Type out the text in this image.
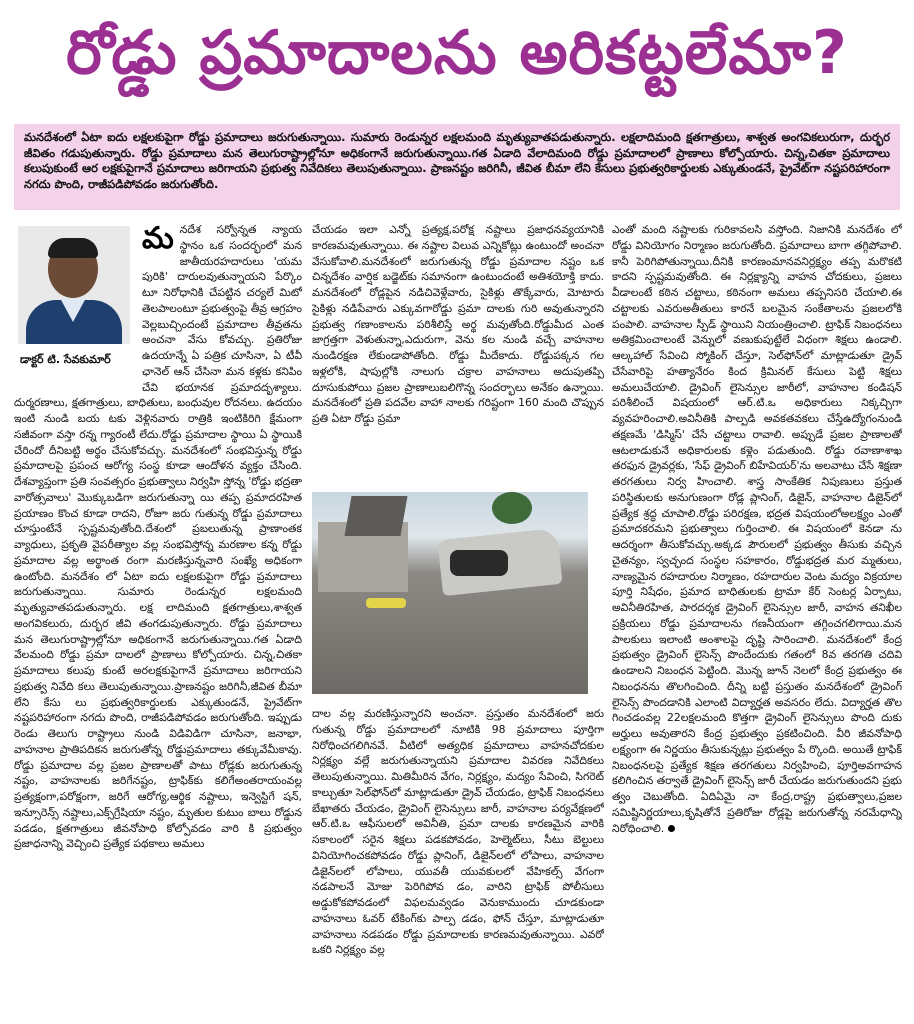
రోడ్డు ప్రమాదాలను అరికట్టలేమా?
మనదేశంలో ఏటా ఐదు లక్షలకుపైగా రోడ్డు ప్రమాదాలు జరుగుతున్నాయి. సుమారు రెండున్నర లక్షలమంది మృత్యువాతపడుతున్నారు. లక్షలాదిమంది క్షతగాత్రులు, శాశ్వత అంగవికలురుగా, దుర్భర జీవితం గడుపుతున్నారు. రోడ్డు ప్రమాదాలు మన తెలుగురాష్ట్రాల్లోనూ అధికంగానే జరుగుతున్నాయి.గత ఏడాది వేలాదిమంది రోడ్డు ప్రమాదాలలో ప్రాణాలు కోల్పోయారు. చిన్న,చితకా ప్రమాదాలు కలుపుకుంటే ఆర లక్షకుపైగానే ప్రమాదాలు జరిగాయని ప్రభుత్వ నివేదికలు తెలుపుతున్నాయి. ప్రాణనష్టం జరిగినీ, జీవిత బీమా లేని కేసులు ప్రభుత్వరికార్డులకు ఎక్కుతుండనే, ప్రైవేట్‌గా నష్టపరిహారంగా నగదు పొంది, రాజీపడిపోవడం జరుగుతోంది.
డాక్టర్ టి. సేవకుమార్
మ నదేశ సర్వోన్నత న్యాయ స్థానం ఒక సందర్భంలో మన జాతీయరహదారులు 'యమ పురికి' దారులవుతున్నాయని పేర్కొం టూ నిరోధానికి చేపట్టిన చర్యలే మిటో తెలపాలంటూ ప్రభుత్వంపై తీవ్ర ఆగ్రహం వెల్లబుచ్చిందంటే ప్రమాదాల తీవ్రతను అంచనా వేసు కోవచ్చు. ప్రతిరోజు ఉదయాన్నే ఏ పత్రిక చూసినా, ఏ టీవీ ఛానెల్ ఆన్ చేసినా మన కళ్లకు కనిపిం చేవి భయానక ప్రమాదదృశ్యాలు. దుర్మరణాలు, క్షతగాత్రులు, బాధితులు, బంధువుల రోదనలు. ఉదయం ఇంటి నుండి బయ టకు వెళ్లినవారు రాత్రికి ఇంటికిరిగి క్షేమంగా సజీవంగా వస్తా రన్న గ్యారంటీ లేదు.రోడ్డు ప్రమాదాల స్థాయి ఏ స్థాయికి చేరిందో దీనిబట్టి అర్థం చేసుకోవచ్చు. మనదేశంలో సంభవిస్తున్న రోడ్డు ప్రమాదాలపై ప్రపంచ ఆరోగ్య సంస్థ కూడా ఆందోళన వ్యక్తం చేసింది. దేశవ్యాప్తంగా ప్రతి సంవత్సరం ప్రభుత్వాలు నిర్వహి స్తోన్న 'రోడ్డు భద్రతా వారోత్సవాలు' మొక్కుబడిగా జరుగుతున్నా యి తప్ప ప్రమాదరహిత ప్రయాణం కొంచ కూడా రాదని, రోజూ జరు గుతున్న రోడ్డు ప్రమాదాలు చూస్తుంటేనే స్పష్టమవుతోంది.దేశంలో ప్రబలుతున్న ప్రాణాంతక వ్యాధులు, ప్రకృతి వైపరీత్యాల వల్ల సంభవిస్తోన్న మరణాల కన్న రోడ్డు ప్రమాదాల వల్ల అర్థాంత రంగా మరణిస్తున్నవారి సంఖ్యే అధికంగా ఉంటోంది. మనదేశం లో ఏటా ఐదు లక్షలకుపైగా రోడ్డు ప్రమాదాలు జరుగుతున్నాయి. సుమారు రెండున్నర లక్షలమంది మృత్యువాతపడుతున్నారు. లక్ష లాదిమంది క్షతగాత్రులు,శాశ్వత అంగవికలురు, దుర్భర జీవి తంగడుపుతున్నారు. రోడ్డు ప్రమాదాలు మన తెలుగురాష్ట్రాల్లోనూ అధికంగానే జరుగుతున్నాయి.గత ఏడాది వేలమంది రోడ్డు ప్రమా దాలలో ప్రాణాలు కోల్పోయారు. చిన్న,చితకా ప్రమాదాలు కలుపు కుంటే అరలక్షకుపైగానే ప్రమాదాలు జరిగాయని ప్రభుత్వ నివేది కలు తెలుపుతున్నాయి.ప్రాణనష్టం జరిగినీ,జీవిత బీమా లేని కేసు లు ప్రభుత్వరికార్డులకు ఎక్కుతుండనే, ప్రైవేట్‌గా నష్టపరిహారంగా నగదు పొంది, రాజీపడిపోవడం జరుగుతోంది. ఇప్పుడు రెండు తెలుగు రాష్ట్రాలు నుండి విడివిడిగా చూసినా, జనాభా, వాహనాల ప్రాతిపదికన జరుగుతోన్న రోడ్డుప్రమాదాలు తక్కువేమీకావు. రోడ్డు ప్రమాదాల వల్ల ప్రజల ప్రాణాలతో పాటు రోడ్లకు జరుగుతున్న నష్టం, వాహనాలకు జరిగేనష్టం, ట్రాఫిక్‌కు కలిగేఅంతరాయంవల్ల ప్రత్యక్షంగా,పరోక్షంగా, జరిగే ఆరోగ్య,ఆర్థిక నష్టాలు, ఇన్వెస్టిగే షన్, ఇన్సూరెన్స్ నష్టాలు,ఎక్స్‌గ్రేషియా నష్టం, మృతుల కుటుం బాలు రోడ్డున పడడం, క్షతగాత్రులు జీవనోపాధి కోల్పోవడం వారి కి ప్రభుత్వం ప్రజాధనాన్ని వెచ్చించి ప్రత్యేక పథకాలు అమలు
చేయడం ఇలా ఎన్నో ప్రత్యక్ష,పరోక్ష నష్టాలు ప్రజాధనవ్యయానికి కారణమవుతున్నాయి. ఈ నష్టాల విలువ ఎన్నికోట్లు ఉంటుందో అంచనా వేసుకోవాలి.మనదేశంలో జరుగుతున్న రోడ్డు ప్రమాదాల నష్టం ఒక చిన్నదేశం వార్షిక బడ్జెట్‌కు సమానంగా ఉంటుందంటే అతిశయోక్తి కాదు. మనదేశంలో రోడ్లపైన నడిచివెళ్లేవారు, సైకిళ్లు తొక్కేవారు, మోటారు సైకిళ్లు నడిపేవారు ఎక్కువగారోడ్డు ప్రమా దాలకు గురి అవుతున్నారని ప్రభుత్వ గణాంకాలను పరిశీలిస్తే అర్థ మవుతోంది.రోడ్డుమీద ఎంత జాగ్రత్తగా వెళుతున్నా,ఎదురుగా, వెను కల నుండి వచ్చే వాహనాల నుండిరక్షణ లేకుండాపోతోంది. రోడ్డు మీదేకాదు. రోడ్డుపక్కన గల ఇళ్లలోకి, షాపుల్లోకి నాలుగు చక్రాల వాహనాలు అదుపుతప్పి దూసుకుపోయి ప్రజల ప్రాణాలుబలిగొన్న సందర్భాలు అనేకం ఉన్నాయి. మనదేశంలో ప్రతి పదవేల వాహా నాలకు గరిష్టంగా 160 మంది చొప్పున ప్రతి ఏటా రోడ్డు ప్రమా
దాల వల్ల మరణిస్తున్నారని అంచనా. ప్రస్తుతం మనదేశంలో జరు గుతున్న రోడ్డు ప్రమాదాలలో నూటికి 98 ప్రమాదాలు పూర్తిగా నిరోధించగలిగినవే. వీటిలో అత్యధిక ప్రమాదాలు వాహనచోదకుల నిర్లక్ష్యం వల్లే జరుగుతున్నాయని ప్రమాదాల వివరణ నివేదికలు తెలుపుతున్నాయి. మితిమీరిన వేగం, నిర్లక్ష్యం, మద్యం సేవించి, సిగరెట్ కాల్చుతూ సెల్‌ఫోన్‌లో మాట్లాడుతూ డ్రైవ్ చేయడం, ట్రాఫిక్ నిబంధనలు బేఖాతరు చేయడం, డ్రైవింగ్ లైసెన్సులు జారీ, వాహనాల పర్యవేక్షణలో ఆర్.టి.ఒ ఆఫీసులలో అవినీతి, ప్రమా దాలకు కారణమైన వారికి సకాలంలో సరైన శిక్షలు పడకపోవడం, హెల్మెట్‌లు, సీటు బెల్టులు వినియోగించకపోవడం రోడ్డు ప్లానింగ్, డిజైన్‌లలో లోపాలు, వాహనాల డిజైన్‌లలో లోపాలు, యువతీ యువకులలో వేహికల్స్‌ వేగంగా నడపాలనే మోజు పెరిగిపోవ డం, వారిని ట్రాఫిక్ పోలీసులు అడ్డుకోకపోవడంలో విఫలమవ్వడం వెనుకాముందు చూడకుండా వాహనాలు ఓవర్ టేకింగ్‌కు పాల్ప డడం, ఫోన్ చేస్తూ, మాట్లాడుతూ వాహనాలు నడపడం రోడ్డు ప్రమాదాలకు కారణమవుతున్నాయి. ఎవరో ఒకరి నిర్లక్ష్యం వల్ల
ఎంతో మంది నష్టాలకు గురికావలసి వస్తోంది. నిజానికి మనదేశం లో రోడ్డు వినియోగం నిర్మాణం జరుగుతోంది. ప్రమాదాలు బాగా తగ్గిపోవాలి. కానీ పెరిగిపోతున్నాయి.దీనికి కారణంమానవనిర్లక్ష్యం తప్ప మరొకటి కాదని స్పష్టమవుతోంది. ఈ నిర్లక్ష్యాన్ని వాహన చోదకులు, ప్రజలు వీడాలంటే కఠిన చట్టాలు, కఠినంగా అమలు తప్పనిసరి చేయాలి.ఈ చట్టాలకు ఎవరుఅతీతులు కారనే బలమైన సంకేతాలను ప్రజలలోకి పంపాలి. వాహనాల స్పీడ్ స్థాయిని నియంత్రించాలి. ట్రాఫిక్ నిబంధనలు అతిక్రమించాలంటే వెన్నులో వణుకుపుట్టేలే విధంగా శిక్షలు ఉండాలి. ఆల్కహాల్ సేవించి స్మోకింగ్ చేస్తూ, సెల్‌ఫోన్‌లో మాట్లాడుతూ డ్రైవ్ చేసేవారిపై హత్యానేరం కింద క్రిమినల్ కేసులు పెట్టి శిక్షలు అమలుచేయాలి. డ్రైవింగ్ లైసెన్సుల జారీలో, వాహనాల కండిషన్ పరిశీలించే విషయంలో ఆర్.టి.ఒ అధికారులు నిక్కచ్చిగా వ్యవహరించాలి.అవినీతికి పాల్పడి అవకతవకలు చేస్తేఉద్యోగంనుండి తక్షణమే 'డిస్మిస్' చేసే చట్టాలు రావాలి. అప్పుడే ప్రజల ప్రాణాలతో ఆటలాడుకునే అధికారులకు కళ్లెం పడుతుంది. రోడ్డు రవాణాశాఖ తరఫున డ్రైవర్లకు, 'సేఫ్ డ్రైవింగ్ బిహేవియర్'ను అలవాటు చేసే శిక్షణా తరగతులు నిర్వ హించాలి. శాస్త్ర సాంకేతిక నిపుణులు ప్రస్తుత పరిస్థితులకు అనుగుణంగా రోడ్ల ప్లానింగ్, డిజైన్, వాహనాల డిజైన్‌లో ప్రత్యేక శ్రద్ధ చూపాలి.రోడ్డు పరిరక్షణ, భద్రత విషయంలోఅలక్ష్యం ఎంతో ప్రమాదకరమని ప్రభుత్వాలు గుర్తించాలి. ఈ విషయంలో కెనడా ను ఆదర్శంగా తీసుకోవచ్చు.అక్కడ పౌరులలో ప్రభుత్వం తీసుకు వచ్చిన చైతన్యం, స్వచ్ఛంద సంస్థల సహకారం, రోడ్డుభద్రత మర మ్మతులు, నాణ్యమైన రహదారుల నిర్మాణం, రహదారుల వెంట మద్యం విక్రయాల పూర్తి నిషేధం, ప్రమాద బాధితులకు ట్రామా కేర్ సెంటర్ల ఏర్పాటు, అవినీతిరహిత, పారదర్శక డ్రైవింగ్ లైసెన్సుల జారీ, వాహన తనిఖీల ప్రక్రియలు రోడ్డు ప్రమాదాలను గణనీయంగా తగ్గించగలిగాయి.మన పాలకులు ఇలాంటి అంశాలపై దృష్టి సారించాలి. మనదేశంలో కేంద్ర ప్రభుత్వం డ్రైవింగ్ లైసెన్స్ పొందేందుకు గతంలో 8వ తరగతి చదివి ఉండాలని నిబంధన పెట్టింది. మొన్న జూన్ నెలలో కేంద్ర ప్రభుత్వం ఈ నిబంధనను తొలగించింది. దీన్ని బట్టి ప్రస్తుతం మనదేశంలో డ్రైవింగ్ లైసెన్స్ పొందడానికి ఎలాంటి విద్యార్హత అవసరం లేదు. విద్యార్హత తొల గించడంవల్ల 22లక్షలమంది కొత్తగా డ్రైవింగ్ లైసెన్సులు పొంది దుకు అర్హులు అవుతారని కేంద్ర ప్రభుత్వం ప్రకటించింది. వీరి జీవనోపాధి లక్ష్యంగా ఈ నిర్ణయం తీసుకున్నట్లు ప్రభుత్వం పే ర్కొంది. అయితే ట్రాఫిక్ నిబంధనలపై ప్రత్యేక శిక్షణ తరగతులు నిర్వహించి, పూర్తిఅవగాహన కలిగించిన తర్వాతే డ్రైవింగ్ లైసెన్స్ జారీ చేయడం జరుగుతుందని ప్రభు త్వం చెబుతోంది. ఏదిఏమై నా కేంద్ర,రాష్ట్ర ప్రభుత్వాలు,ప్రజల సమిష్టినిర్ణయాలు,కృషితోనే ప్రతిరోజు రోడ్లపై జరుగుతోన్న నరమేధాన్ని నిరోధించాలి.
